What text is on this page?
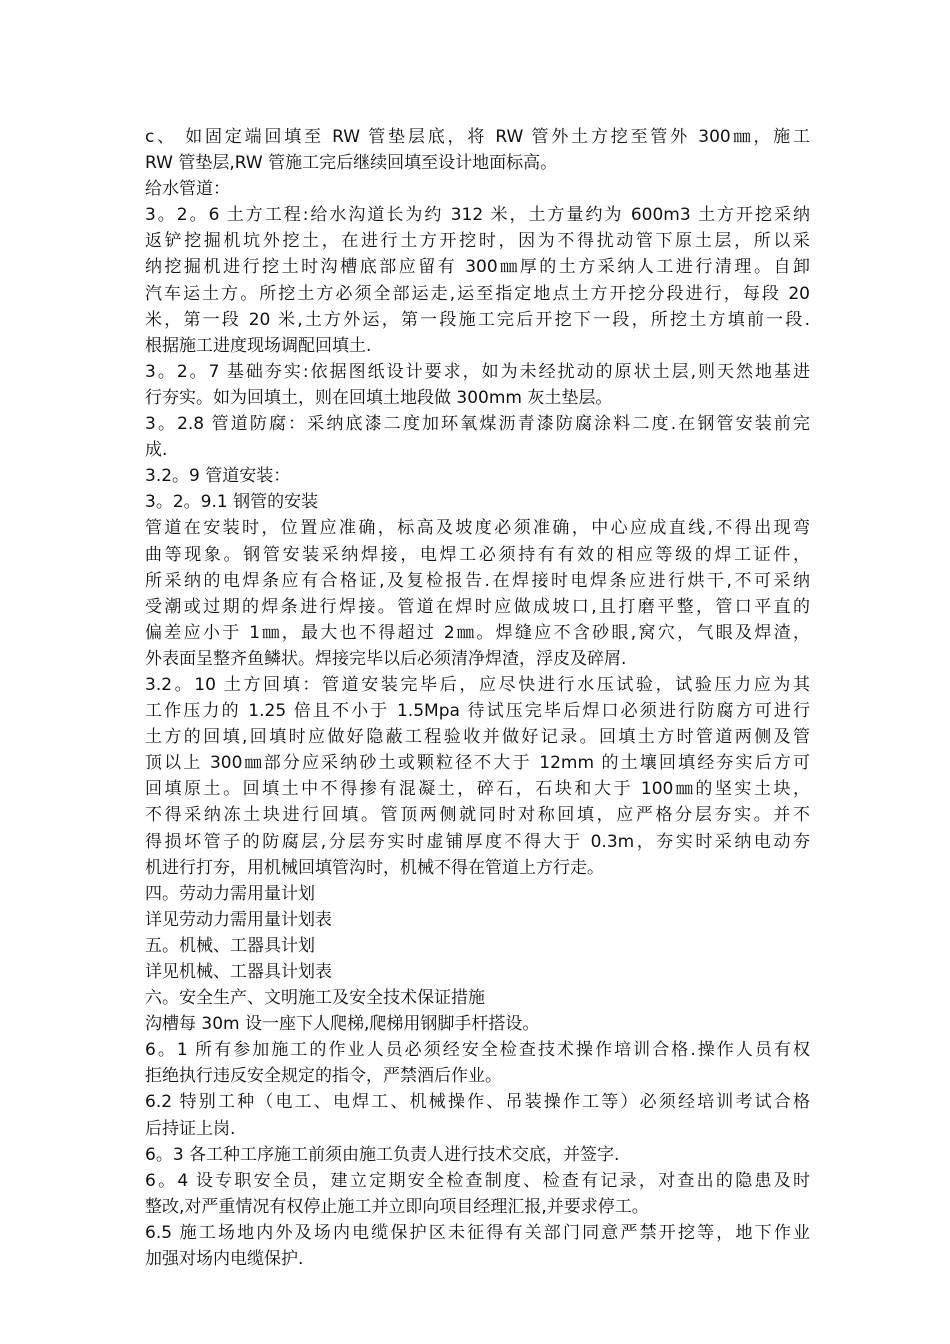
c、 如固定端回填至 RW 管垫层底，将 RW 管外土方挖至管外 300㎜，施工
RW 管垫层,RW 管施工完后继续回填至设计地面标高。
给水管道：
3。2。6 土方工程:给水沟道长为约 312 米，土方量约为 600m3 土方开挖采纳
返铲挖掘机坑外挖土，在进行土方开挖时，因为不得扰动管下原土层，所以采
纳挖掘机进行挖土时沟槽底部应留有 300㎜厚的土方采纳人工进行清理。自卸
汽车运土方。所挖土方必须全部运走,运至指定地点土方开挖分段进行，每段 20
米，第一段 20 米,土方外运，第一段施工完后开挖下一段，所挖土方填前一段.
根据施工进度现场调配回填土.
3。2。7 基础夯实:依据图纸设计要求，如为未经扰动的原状土层,则天然地基进
行夯实。如为回填土，则在回填土地段做 300mm 灰土垫层。
3。2.8 管道防腐：采纳底漆二度加环氧煤沥青漆防腐涂料二度.在钢管安装前完
成.
3.2。9 管道安装：
3。2。9.1 钢管的安装
管道在安装时，位置应准确，标高及坡度必须准确，中心应成直线,不得出现弯
曲等现象。钢管安装采纳焊接，电焊工必须持有有效的相应等级的焊工证件，
所采纳的电焊条应有合格证,及复检报告.在焊接时电焊条应进行烘干,不可采纳
受潮或过期的焊条进行焊接。管道在焊时应做成坡口,且打磨平整，管口平直的
偏差应小于 1㎜，最大也不得超过 2㎜。焊缝应不含砂眼,窝穴，气眼及焊渣，
外表面呈整齐鱼鳞状。焊接完毕以后必须清净焊渣，浮皮及碎屑.
3.2。10 土方回填：管道安装完毕后，应尽快进行水压试验，试验压力应为其
工作压力的 1.25 倍且不小于 1.5Mpa 待试压完毕后焊口必须进行防腐方可进行
土方的回填,回填时应做好隐蔽工程验收并做好记录。回填土方时管道两侧及管
顶以上 300㎜部分应采纳砂土或颗粒径不大于 12mm 的土壤回填经夯实后方可
回填原土。回填土中不得掺有混凝土，碎石，石块和大于 100㎜的坚实土块，
不得采纳冻土块进行回填。管顶两侧就同时对称回填，应严格分层夯实。并不
得损坏管子的防腐层,分层夯实时虚铺厚度不得大于 0.3m，夯实时采纳电动夯
机进行打夯，用机械回填管沟时，机械不得在管道上方行走。
四。劳动力需用量计划
详见劳动力需用量计划表
五。机械、工器具计划
详见机械、工器具计划表
六。安全生产、文明施工及安全技术保证措施
沟槽每 30m 设一座下人爬梯,爬梯用钢脚手杆搭设。
6。1 所有参加施工的作业人员必须经安全检查技术操作培训合格.操作人员有权
拒绝执行违反安全规定的指令，严禁酒后作业。
6.2 特别工种（电工、电焊工、机械操作、吊装操作工等）必须经培训考试合格
后持证上岗.
6。3 各工种工序施工前须由施工负责人进行技术交底，并签字.
6。4 设专职安全员，建立定期安全检查制度、检查有记录，对查出的隐患及时
整改,对严重情况有权停止施工并立即向项目经理汇报,并要求停工。
6.5 施工场地内外及场内电缆保护区未征得有关部门同意严禁开挖等，地下作业
加强对场内电缆保护.
